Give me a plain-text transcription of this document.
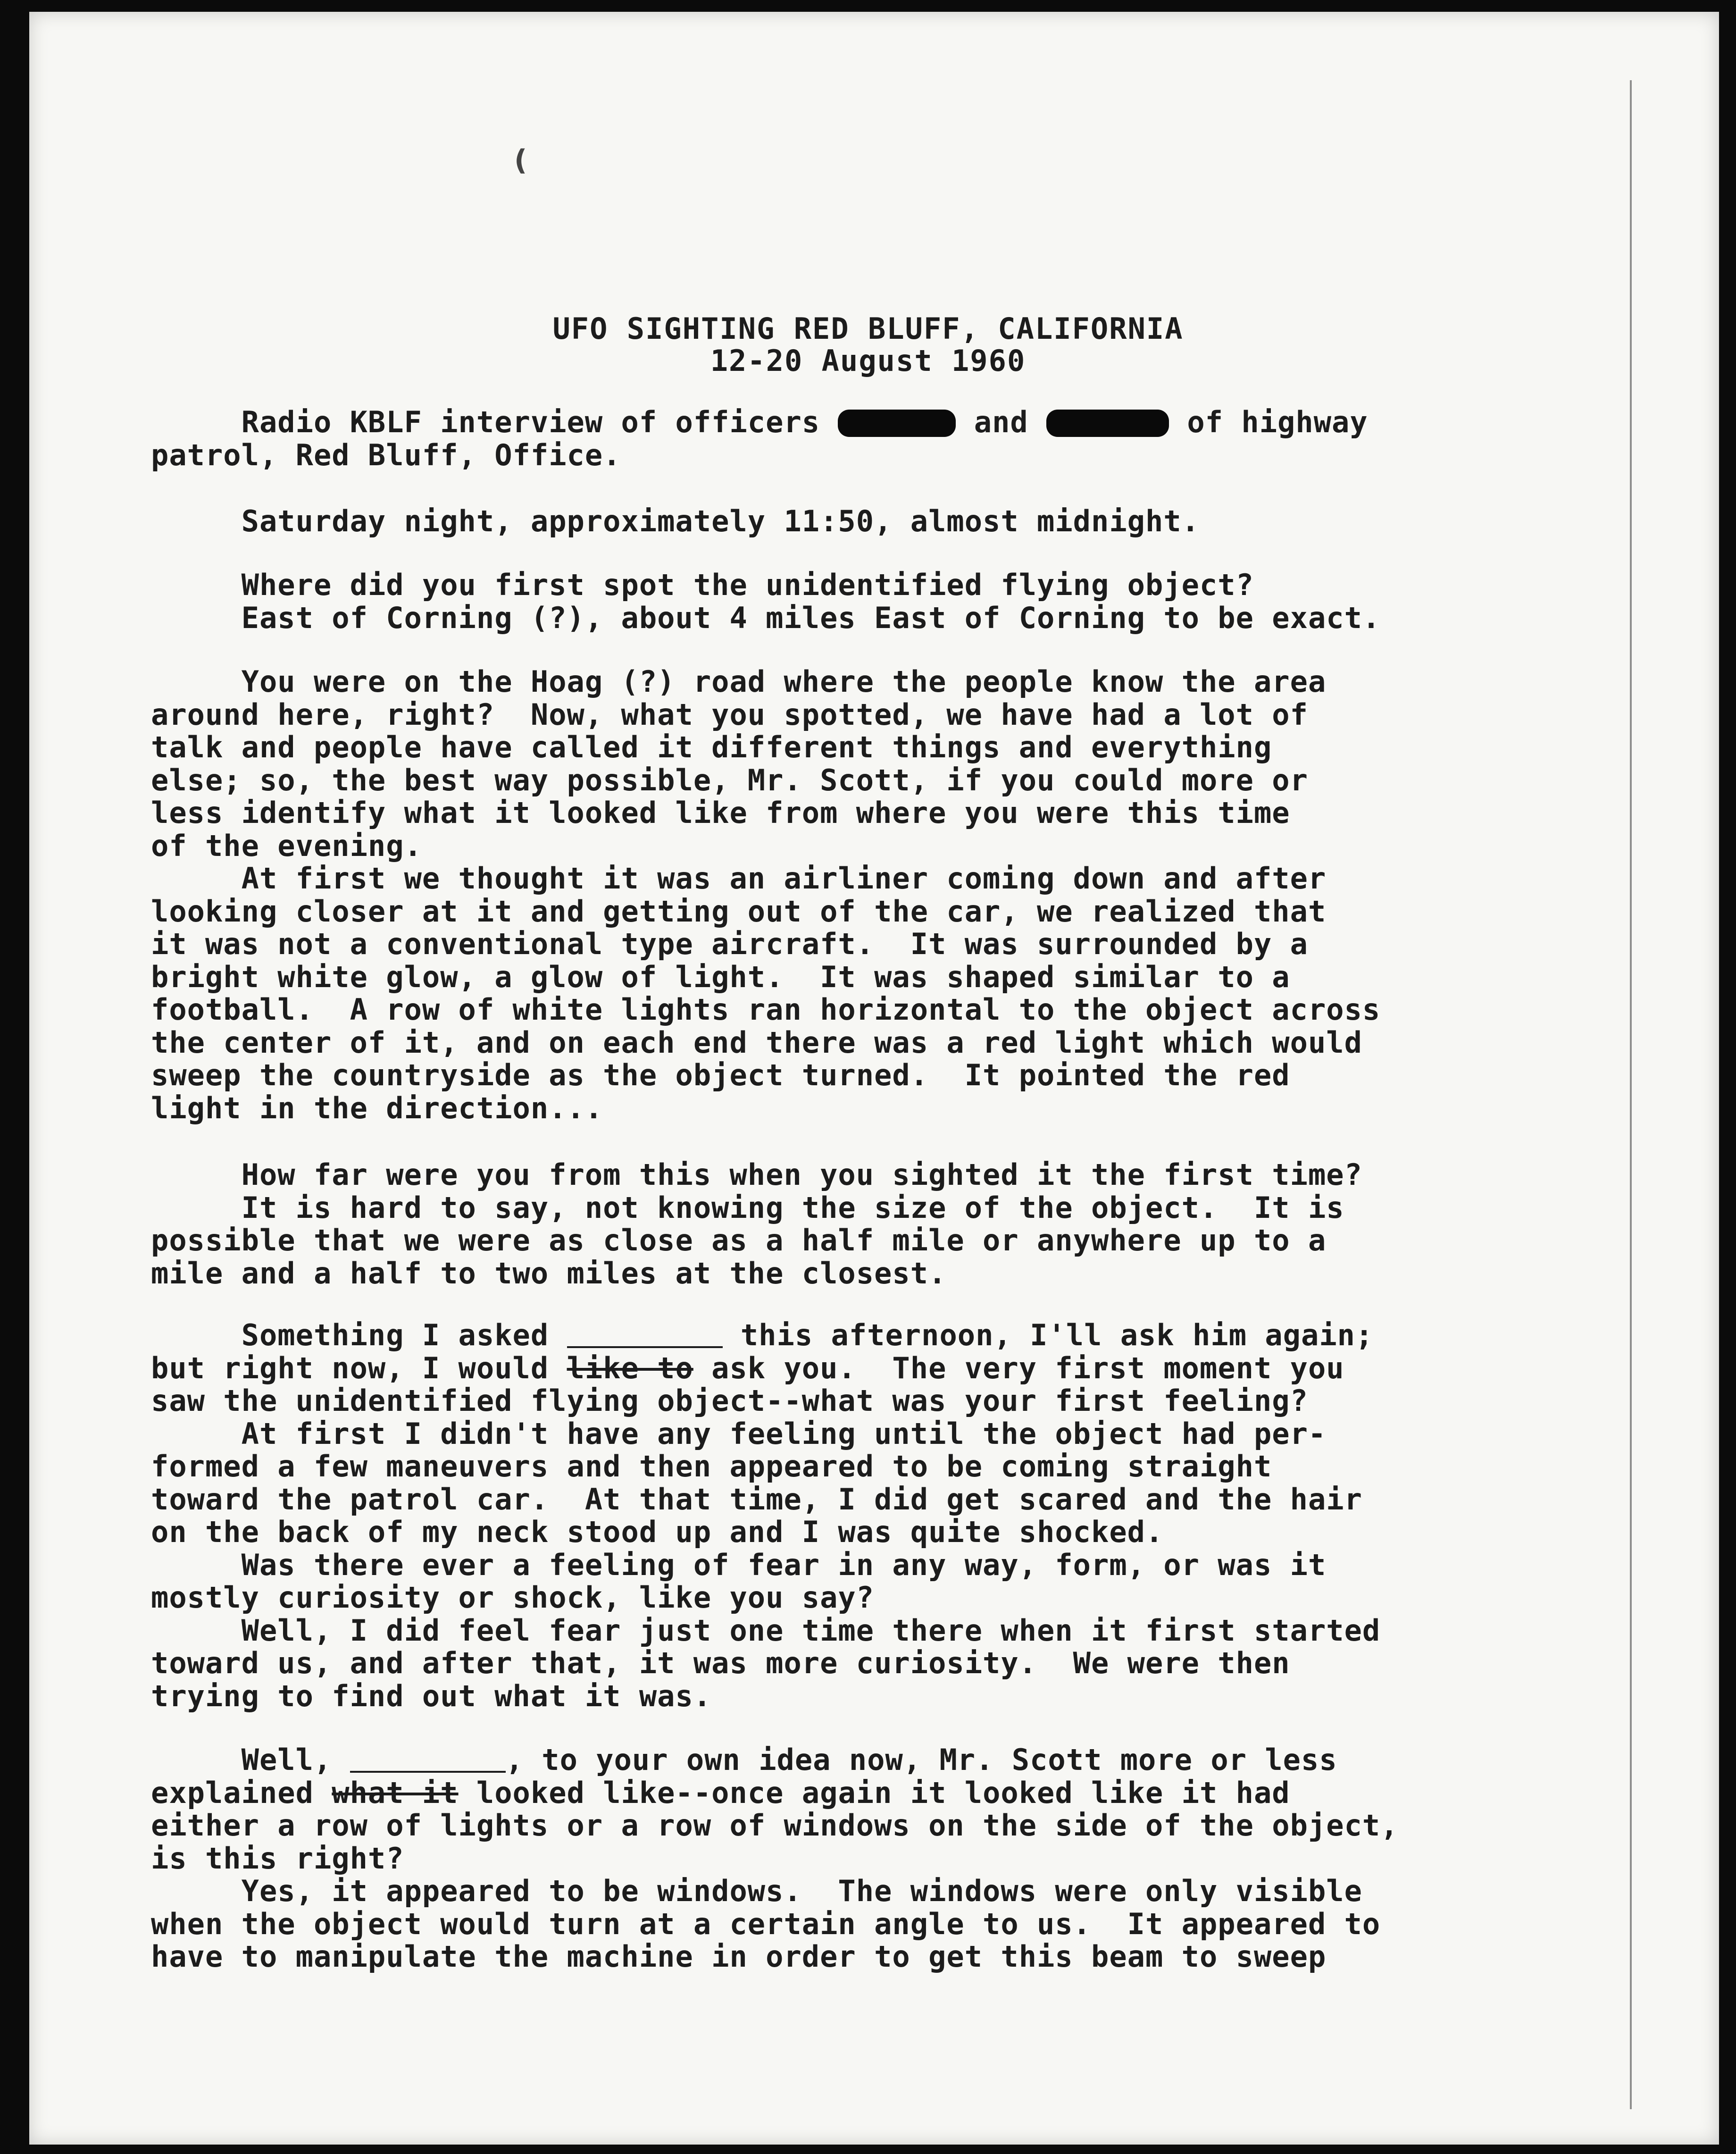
(
UFO SIGHTING RED BLUFF, CALIFORNIA
12-20 August 1960
Radio KBLF interview of officers	and	of highway
patrol, Red Bluff, Office.
Saturday night, approximately 11:50, almost midnight.
Where did you first spot the unidentified flying object?
East of Corning (?), about 4 miles East of Corning to be exact.
You were on the Hoag (?) road where the people know the area
around here, right?  Now, what you spotted, we have had a lot of
talk and people have called it different things and everything
else; so, the best way possible, Mr. Scott, if you could more or
less identify what it looked like from where you were this time
of the evening.
At first we thought it was an airliner coming down and after
looking closer at it and getting out of the car, we realized that
it was not a conventional type aircraft.  It was surrounded by a
bright white glow, a glow of light.  It was shaped similar to a
football.  A row of white lights ran horizontal to the object across
the center of it, and on each end there was a red light which would
sweep the countryside as the object turned.  It pointed the red
light in the direction...
How far were you from this when you sighted it the first time?
It is hard to say, not knowing the size of the object.  It is
possible that we were as close as a half mile or anywhere up to a
mile and a half to two miles at the closest.
Something I asked	this afternoon, I'll ask him again;
but right now, I would like to ask you.  The very first moment you
saw the unidentified flying object--what was your first feeling?
At first I didn't have any feeling until the object had per-
formed a few maneuvers and then appeared to be coming straight
toward the patrol car.  At that time, I did get scared and the hair
on the back of my neck stood up and I was quite shocked.
Was there ever a feeling of fear in any way, form, or was it
mostly curiosity or shock, like you say?
Well, I did feel fear just one time there when it first started
toward us, and after that, it was more curiosity.  We were then
trying to find out what it was.
Well,	, to your own idea now, Mr. Scott more or less
explained what it looked like--once again it looked like it had
either a row of lights or a row of windows on the side of the object,
is this right?
Yes, it appeared to be windows.  The windows were only visible
when the object would turn at a certain angle to us.  It appeared to
have to manipulate the machine in order to get this beam to sweep
